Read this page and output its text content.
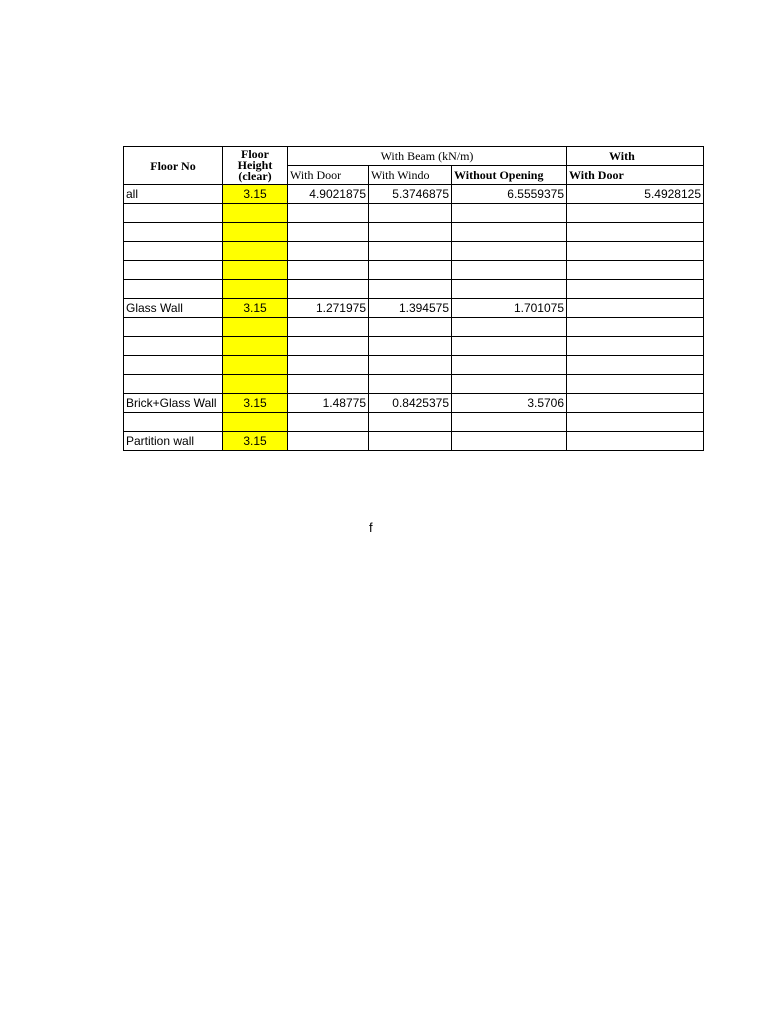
Floor No	Floor Height (clear)	With Beam (kN/m)			With
		With Door	With Windo	Without Opening	With Door
all	3.15	4.9021875	5.3746875	6.5559375	5.4928125

Glass Wall	3.15	1.271975	1.394575	1.701075	

Brick+Glass Wall	3.15	1.48775	0.8425375	3.5706	

Partition wall	3.15				
f
